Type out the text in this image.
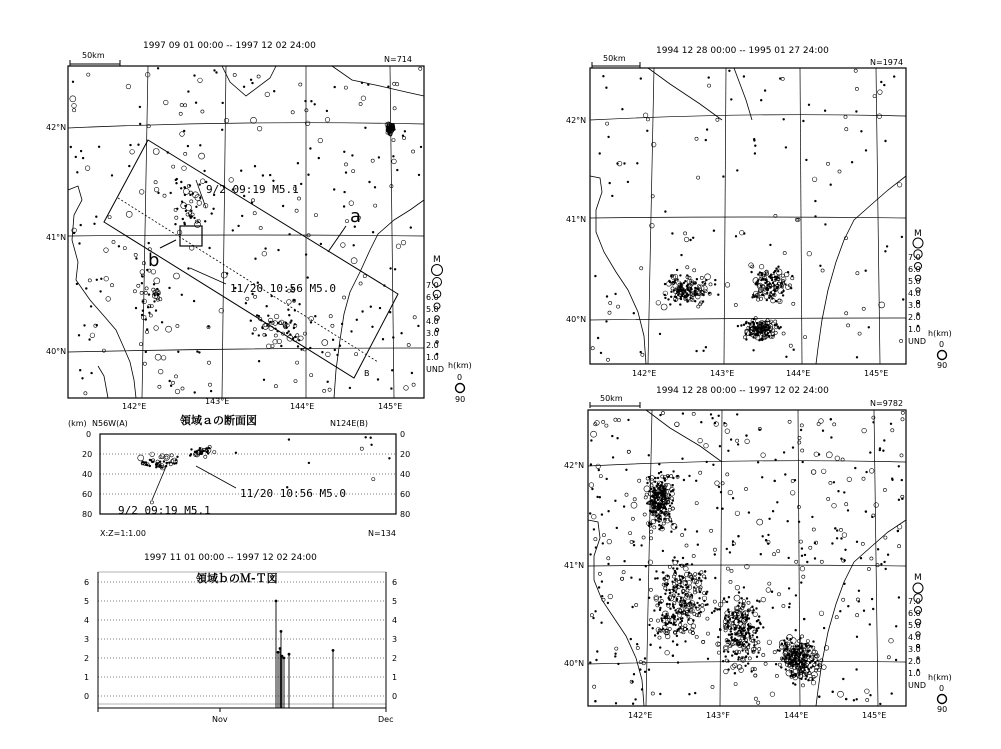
50km
1997 09 01 00:00 -- 1997 12 02 24:00
N=714
9/2 09:19 M5.1
11/20 10:56 M5.0
a
b
B
42°N
41°N
40°N
142°E
143°E
144°E	145°E
M
7.0
6.0
5.0
4.0
3.0
2.0
1.0
UND h(km)
0
90
(km) N56W(A)	領域ａの断面図	N124E(B)
0
20
40
60
80
0
20
40
60
80
11/20 10:56 M5.0
9/2 09:19 M5.1
X:Z=1:1.00	N=134
1997 11 01 00:00 -- 1997 12 02 24:00
領域ｂのＭ-Ｔ図
0
1
2
3
4
5
6
0
1
2
3
4
5
6
Nov	Dec
50km
1994 12 28 00:00 -- 1995 01 27 24:00
N=1974
42°N
41°N
40°N
142°E	143°E	144°E	145°E
M
7.0
6.0
5.0
4.0
3.0
2.0
1.0
UND
h(km)
0
90
50km
1994 12 28 00:00 -- 1997 12 02 24:00
N=9782
42°N
41°N
40°N
142°E	143°F	144°E	145°E
M
7.0
6.0
5.0
4.0
3.0
2.0
1.0
UND
h(km)
0
90
